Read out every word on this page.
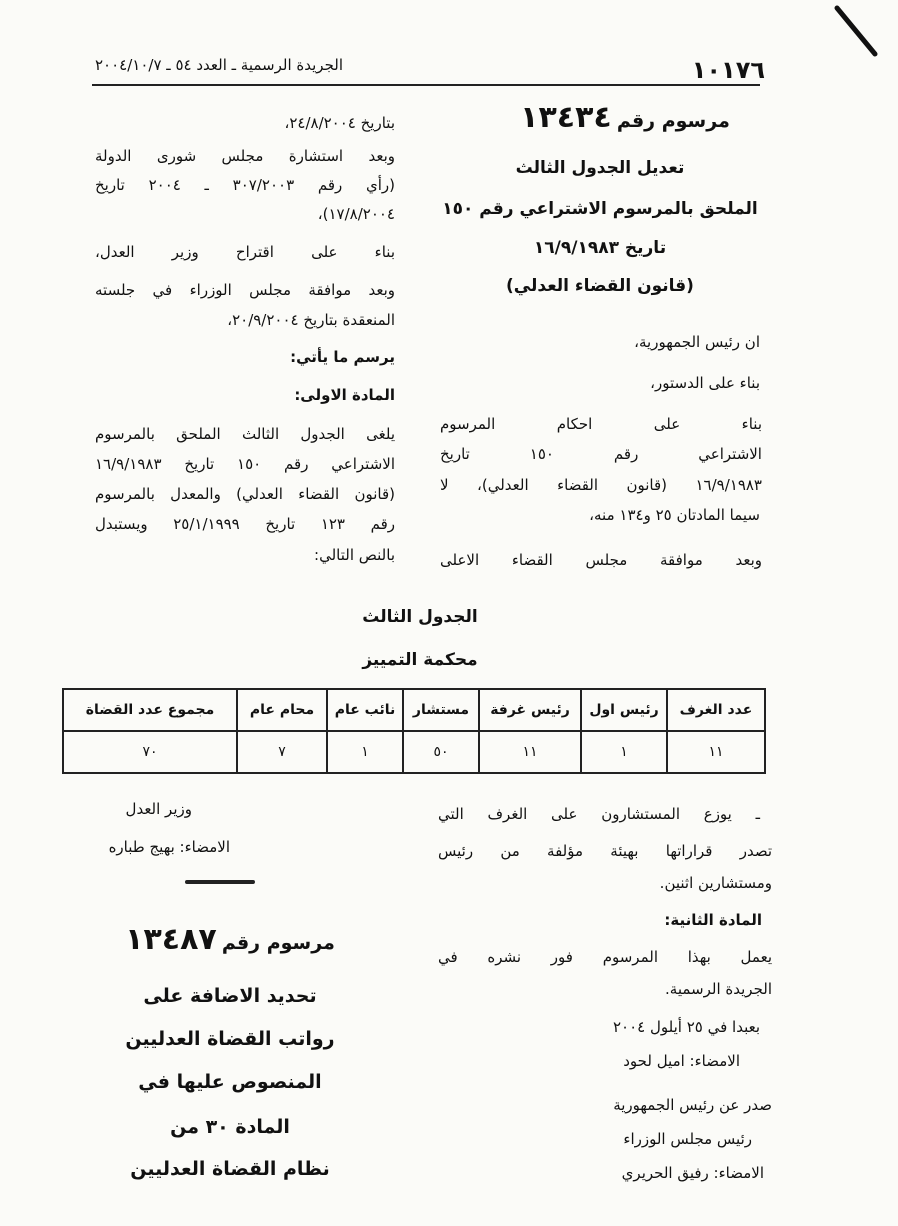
١٠١٧٦
الجريدة الرسمية ـ العدد ٥٤ ـ ٢٠٠٤/١٠/٧
مرسوم رقم ١٣٤٣٤
تعديل الجدول الثالث
الملحق بالمرسوم الاشتراعي رقم ١٥٠
تاريخ ١٦/٩/١٩٨٣
(قانون القضاء العدلي)
ان رئيس الجمهورية،
بناء على الدستور،
بناء على احكام المرسوم
الاشتراعي رقم ١٥٠ تاريخ
١٦/٩/١٩٨٣ (قانون القضاء العدلي)، لا
سيما المادتان ٢٥ و١٣٤ منه،
وبعد موافقة مجلس القضاء الاعلى
بتاريخ ٢٤/٨/٢٠٠٤،
وبعد استشارة مجلس شورى الدولة
(رأي رقم ٣٠٧/٢٠٠٣ ـ ٢٠٠٤ تاريخ
١٧/٨/٢٠٠٤)،
بناء على اقتراح وزير العدل،
وبعد موافقة مجلس الوزراء في جلسته
المنعقدة بتاريخ ٢٠/٩/٢٠٠٤،
يرسم ما يأتي:
المادة الاولى:
يلغى الجدول الثالث الملحق بالمرسوم
الاشتراعي رقم ١٥٠ تاريخ ١٦/٩/١٩٨٣
(قانون القضاء العدلي) والمعدل بالمرسوم
رقم ١٢٣ تاريخ ٢٥/١/١٩٩٩ ويستبدل
بالنص التالي:
الجدول الثالث
محكمة التمييز
عدد الغرف	رئيس اول	رئيس غرفة	مستشار	نائب عام	محام عام	مجموع عدد القضاة
١١	١	١١	٥٠	١	٧	٧٠
ـ يوزع المستشارون على الغرف التي
تصدر قراراتها بهيئة مؤلفة من رئيس
ومستشارين اثنين.
المادة الثانية:
يعمل بهذا المرسوم فور نشره في
الجريدة الرسمية.
بعبدا في ٢٥ أيلول ٢٠٠٤
الامضاء: اميل لحود
صدر عن رئيس الجمهورية
رئيس مجلس الوزراء
الامضاء: رفيق الحريري
وزير العدل
الامضاء: بهيج طباره
مرسوم رقم ١٣٤٨٧
تحديد الاضافة على
رواتب القضاة العدليين
المنصوص عليها في
المادة ٣٠ من
نظام القضاة العدليين
